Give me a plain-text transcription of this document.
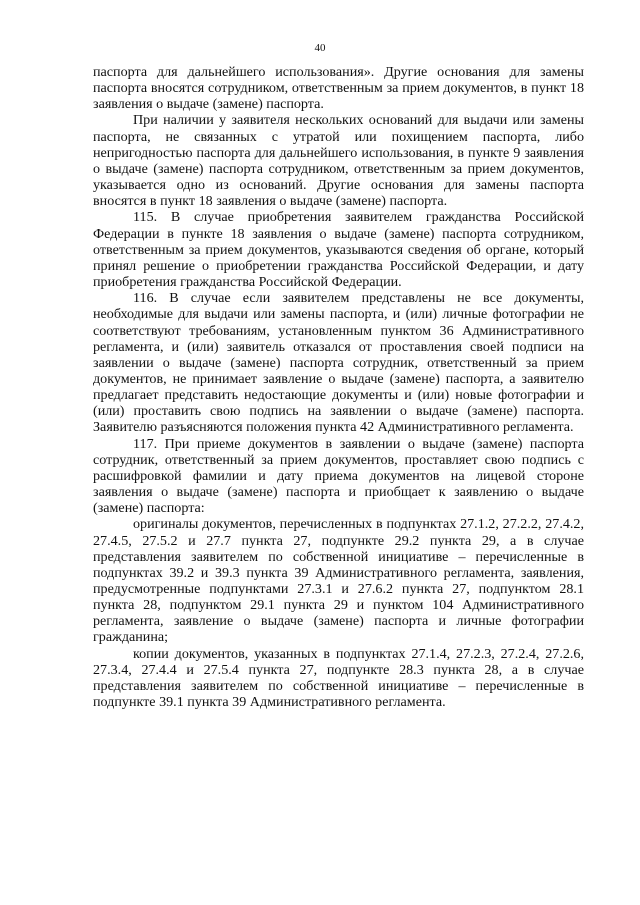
40

паспорта для дальнейшего использования». Другие основания для замены паспорта вносятся сотрудником, ответственным за прием документов, в пункт 18 заявления о выдаче (замене) паспорта.

При наличии у заявителя нескольких оснований для выдачи или замены паспорта, не связанных с утратой или похищением паспорта, либо непригодностью паспорта для дальнейшего использования, в пункте 9 заявления о выдаче (замене) паспорта сотрудником, ответственным за прием документов, указывается одно из оснований. Другие основания для замены паспорта вносятся в пункт 18 заявления о выдаче (замене) паспорта.

115. В случае приобретения заявителем гражданства Российской Федерации в пункте 18 заявления о выдаче (замене) паспорта сотрудником, ответственным за прием документов, указываются сведения об органе, который принял решение о приобретении гражданства Российской Федерации, и дату приобретения гражданства Российской Федерации.

116. В случае если заявителем представлены не все документы, необходимые для выдачи или замены паспорта, и (или) личные фотографии не соответствуют требованиям, установленным пунктом 36 Административного регламента, и (или) заявитель отказался от проставления своей подписи на заявлении о выдаче (замене) паспорта сотрудник, ответственный за прием документов, не принимает заявление о выдаче (замене) паспорта, а заявителю предлагает представить недостающие документы и (или) новые фотографии и (или) проставить свою подпись на заявлении о выдаче (замене) паспорта. Заявителю разъясняются положения пункта 42 Административного регламента.

117. При приеме документов в заявлении о выдаче (замене) паспорта сотрудник, ответственный за прием документов, проставляет свою подпись с расшифровкой фамилии и дату приема документов на лицевой стороне заявления о выдаче (замене) паспорта и приобщает к заявлению о выдаче (замене) паспорта:

оригиналы документов, перечисленных в подпунктах 27.1.2, 27.2.2, 27.4.2, 27.4.5, 27.5.2 и 27.7 пункта 27, подпункте 29.2 пункта 29, а в случае представления заявителем по собственной инициативе – перечисленные в подпунктах 39.2 и 39.3 пункта 39 Административного регламента, заявления, предусмотренные подпунктами 27.3.1 и 27.6.2 пункта 27, подпунктом 28.1 пункта 28, подпунктом 29.1 пункта 29 и пунктом 104 Административного регламента, заявление о выдаче (замене) паспорта и личные фотографии гражданина;

копии документов, указанных в подпунктах 27.1.4, 27.2.3, 27.2.4, 27.2.6, 27.3.4, 27.4.4 и 27.5.4 пункта 27, подпункте 28.3 пункта 28, а в случае представления заявителем по собственной инициативе – перечисленные в подпункте 39.1 пункта 39 Административного регламента.
